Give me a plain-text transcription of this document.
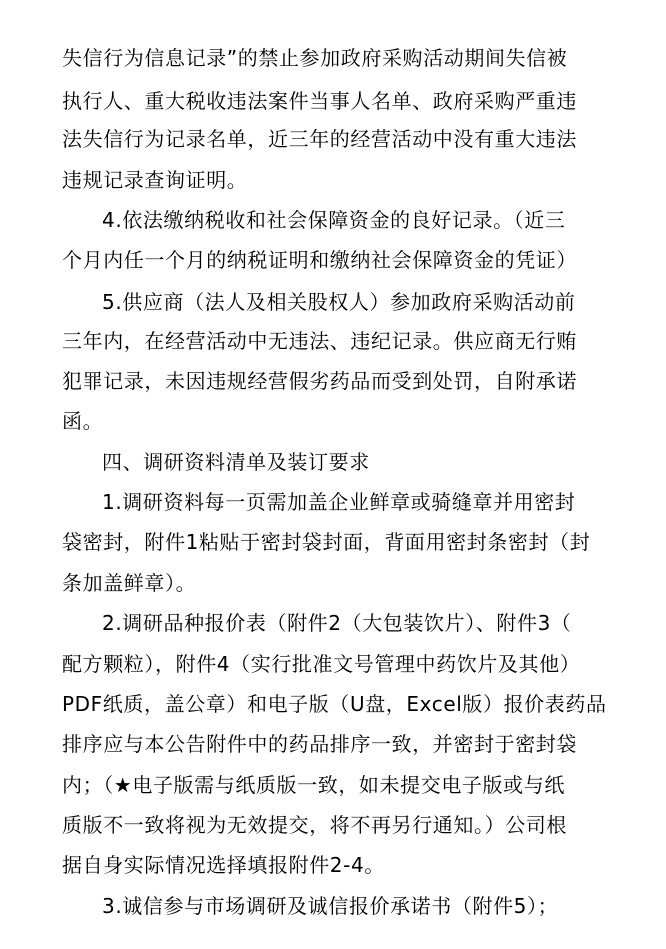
失信行为信息记录”的禁止参加政府采购活动期间失信被
执行人、重大税收违法案件当事人名单、政府采购严重违
法失信行为记录名单，近三年的经营活动中没有重大违法
违规记录查询证明。
4.依法缴纳税收和社会保障资金的良好记录。（近三
个月内任一个月的纳税证明和缴纳社会保障资金的凭证）
5.供应商（法人及相关股权人）参加政府采购活动前
三年内，在经营活动中无违法、违纪记录。供应商无行贿
犯罪记录，未因违规经营假劣药品而受到处罚，自附承诺
函。
四、调研资料清单及装订要求
1.调研资料每一页需加盖企业鲜章或骑缝章并用密封
袋密封，附件1粘贴于密封袋封面，背面用密封条密封（封
条加盖鲜章）。
2.调研品种报价表（附件2（大包装饮片）、附件3（
配方颗粒），附件4（实行批准文号管理中药饮片及其他）
PDF纸质，盖公章）和电子版（U盘，Excel版）报价表药品
排序应与本公告附件中的药品排序一致，并密封于密封袋
内；（★电子版需与纸质版一致，如未提交电子版或与纸
质版不一致将视为无效提交，将不再另行通知。）公司根
据自身实际情况选择填报附件2-4。
3.诚信参与市场调研及诚信报价承诺书（附件5）；
